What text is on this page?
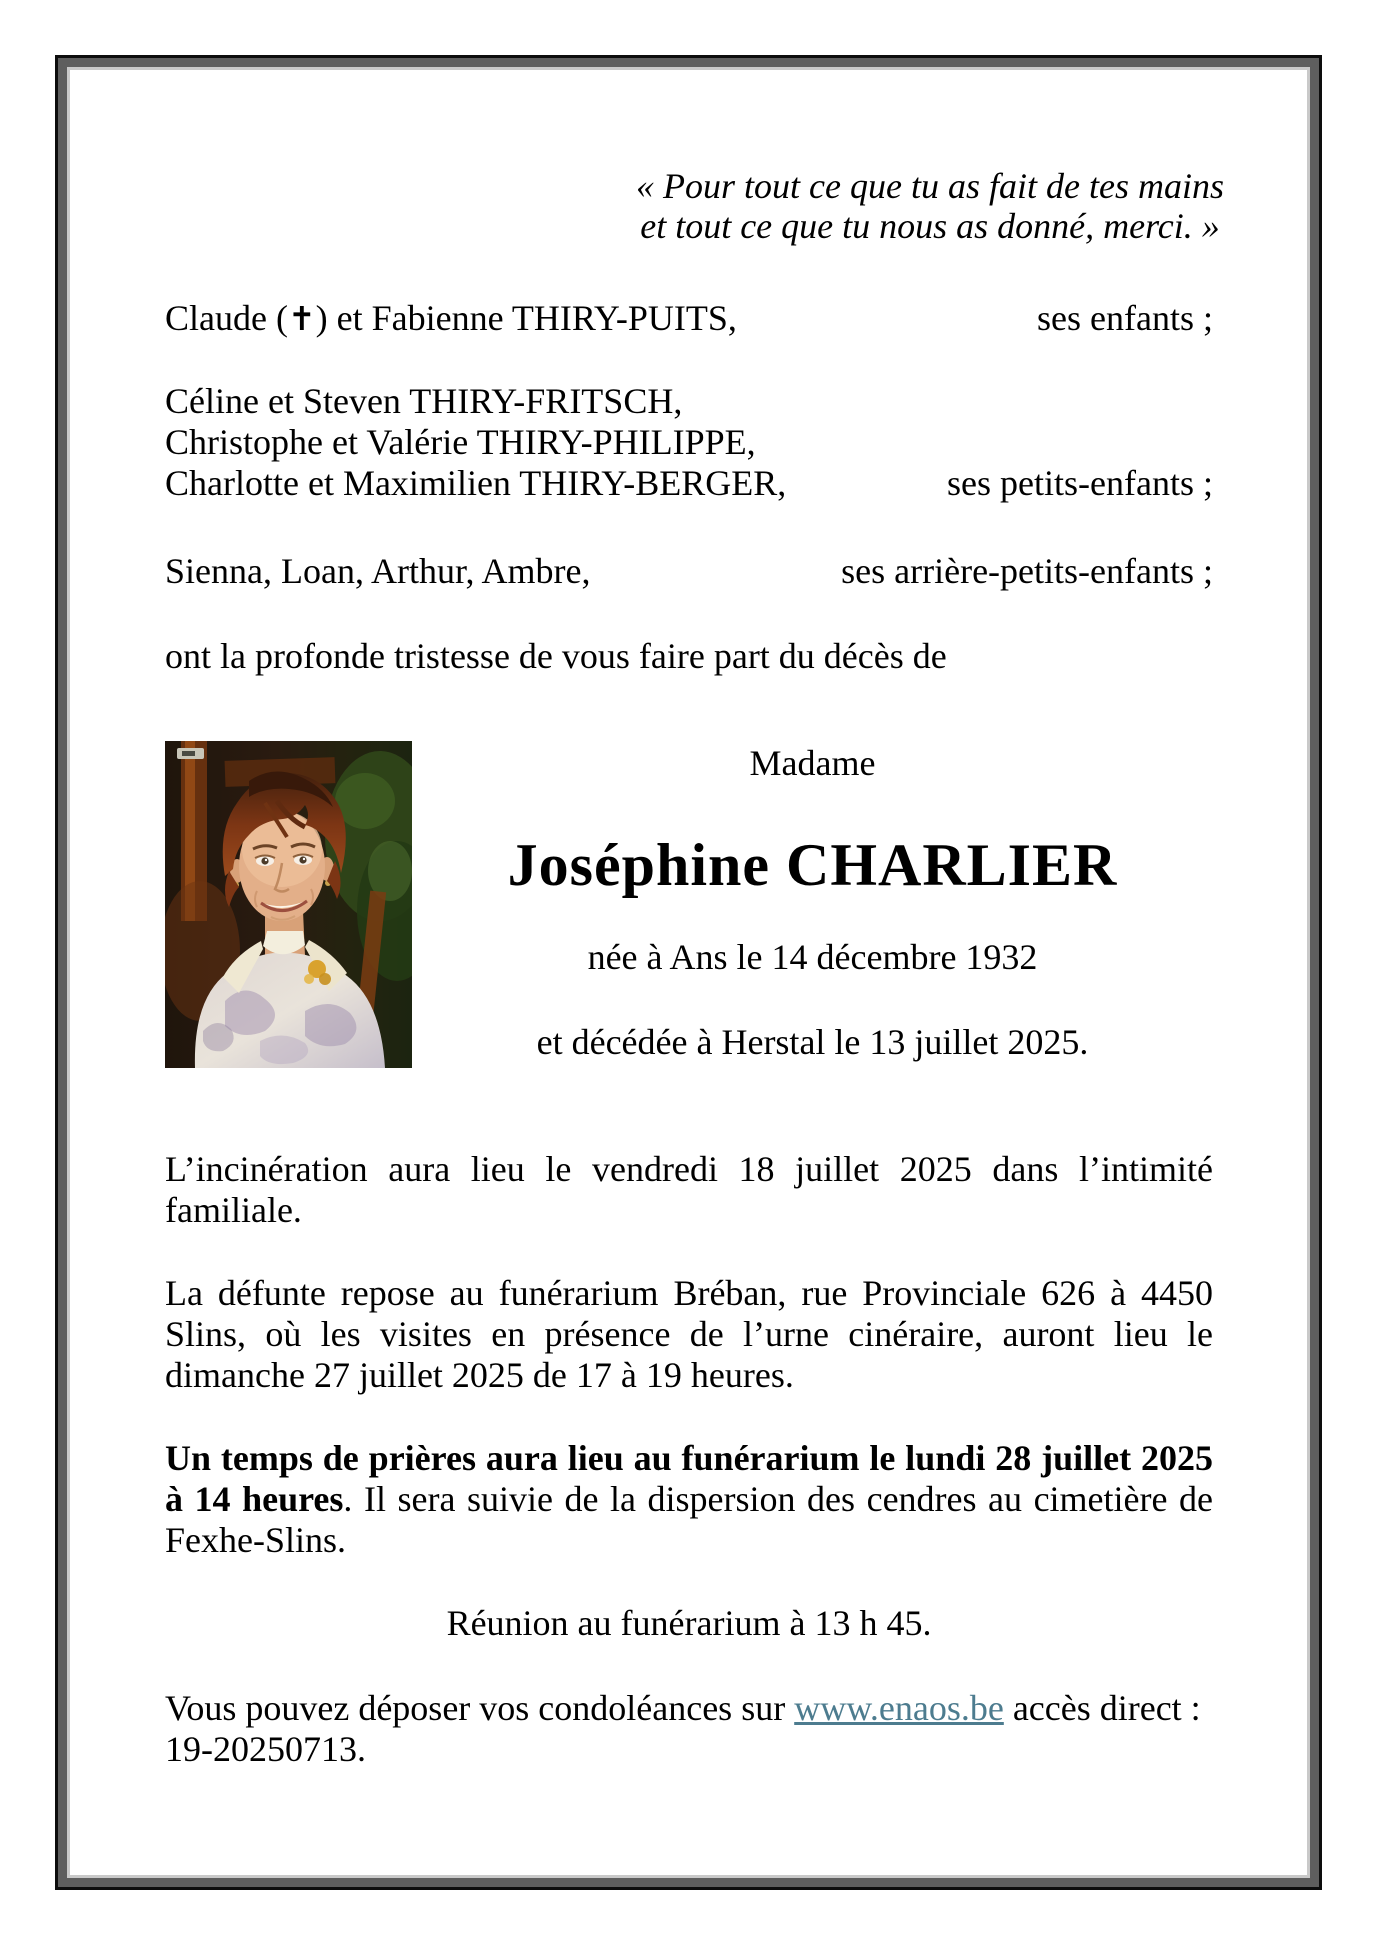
« Pour tout ce que tu as fait de tes mains
et tout ce que tu nous as donné, merci. »
Claude (✝) et Fabienne THIRY-PUITS,	ses enfants ;
Céline et Steven THIRY-FRITSCH,
Christophe et Valérie THIRY-PHILIPPE,
Charlotte et Maximilien THIRY-BERGER,	ses petits-enfants ;
Sienna, Loan, Arthur, Ambre,	ses arrière-petits-enfants ;

ont la profonde tristesse de vous faire part du décès de

Madame
Joséphine CHARLIER
née à Ans le 14 décembre 1932
et décédée à Herstal le 13 juillet 2025.

L’incinération aura lieu le vendredi 18 juillet 2025 dans l’intimité familiale.

La défunte repose au funérarium Bréban, rue Provinciale 626 à 4450 Slins, où les visites en présence de l’urne cinéraire, auront lieu le dimanche 27 juillet 2025 de 17 à 19 heures.

Un temps de prières aura lieu au funérarium le lundi 28 juillet 2025 à 14 heures. Il sera suivie de la dispersion des cendres au cimetière de Fexhe-Slins.

Réunion au funérarium à 13 h 45.

Vous pouvez déposer vos condoléances sur www.enaos.be accès direct : 19-20250713.
